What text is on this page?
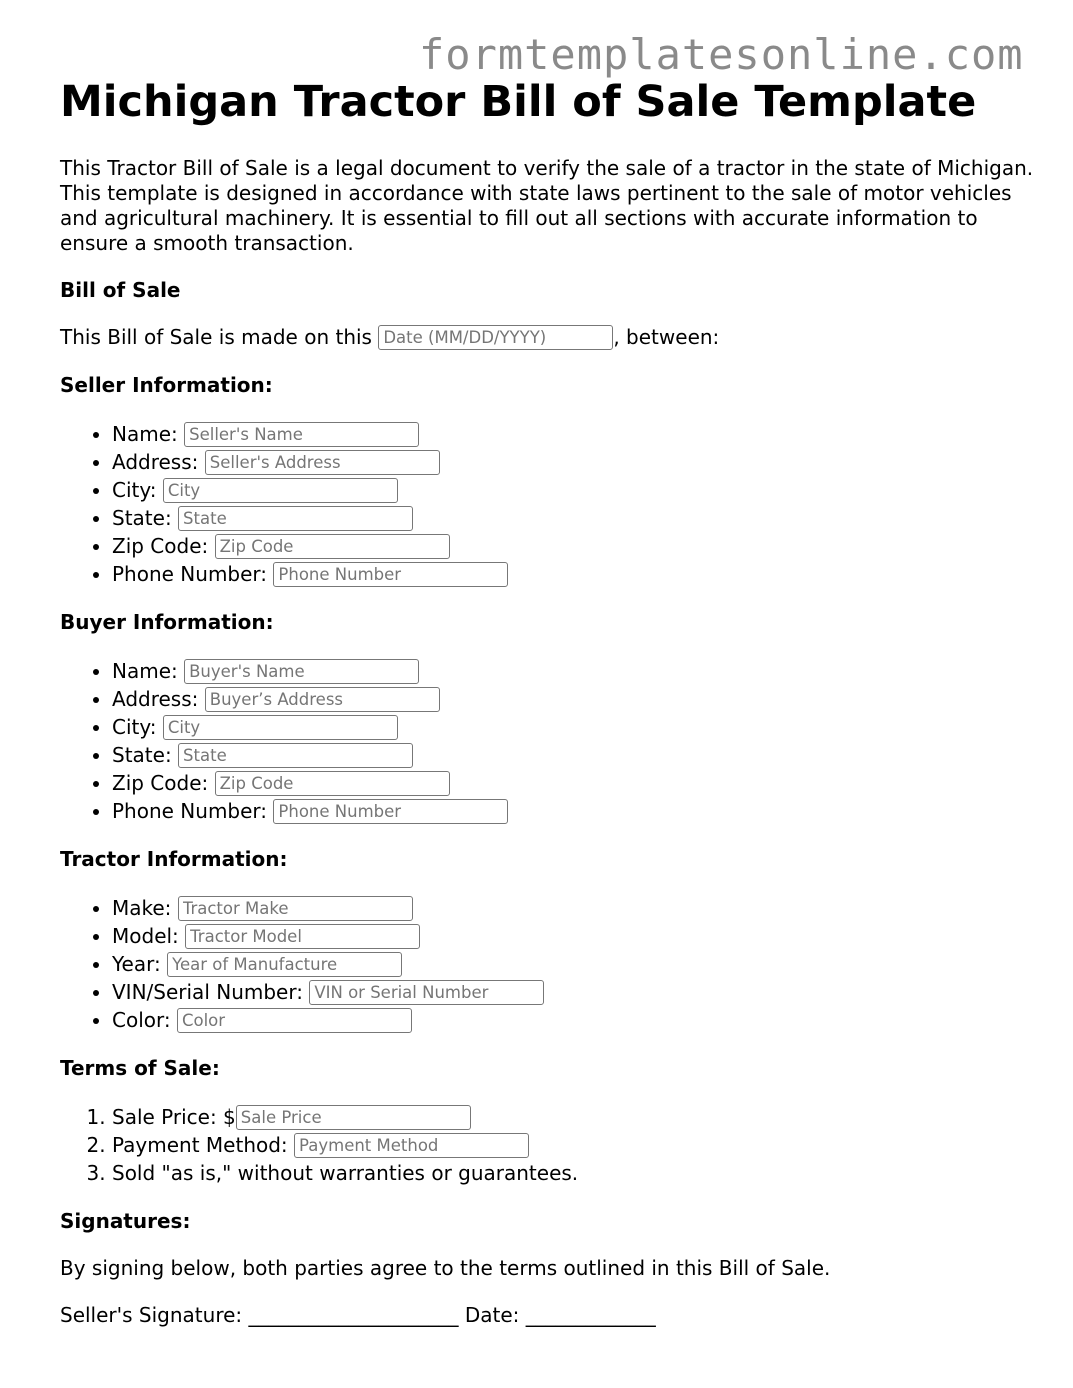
formtemplatesonline.com
Michigan Tractor Bill of Sale Template

This Tractor Bill of Sale is a legal document to verify the sale of a tractor in the state of Michigan. This template is designed in accordance with state laws pertinent to the sale of motor vehicles and agricultural machinery. It is essential to fill out all sections with accurate information to ensure a smooth transaction.

Bill of Sale
This Bill of Sale is made on this Date (MM/DD/YYYY)	, between:
Seller Information:
• Name: Seller's Name
• Address: Seller's Address
• City: City
• State: State
• Zip Code: Zip Code
• Phone Number: Phone Number
Buyer Information:
• Name: Buyer's Name
• Address: Buyer’s Address
• City: City
• State: State
• Zip Code: Zip Code
• Phone Number: Phone Number
Tractor Information:
• Make: Tractor Make
• Model: Tractor Model
• Year: Year of Manufacture
• VIN/Serial Number: VIN or Serial Number
• Color: Color
Terms of Sale:
1. Sale Price: $Sale Price
2. Payment Method: Payment Method
3. Sold "as is," without warranties or guarantees.
Signatures:
By signing below, both parties agree to the terms outlined in this Bill of Sale.
Seller's Signature: _____________________ Date: _____________
